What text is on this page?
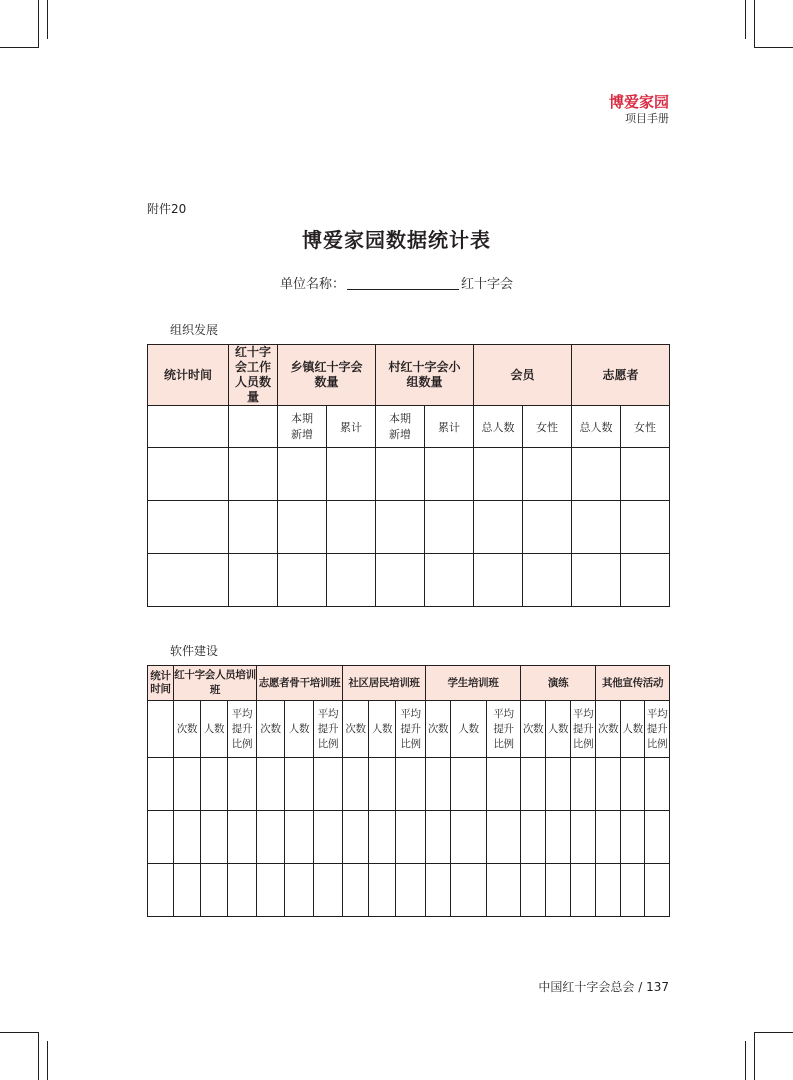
博爱家园
项目手册
附件20
博爱家园数据统计表
单位名称：	红十字会
组织发展
统计时间	红十字会工作人员数量	乡镇红十字会数量		村红十字会小组数量		会员		志愿者	
		本期新增	累计	本期新增	累计	总人数	女性	总人数	女性

软件建设
统计时间	红十字会人员培训班			志愿者骨干培训班			社区居民培训班			学生培训班			演练			其他宣传活动		
	次数	人数	平均提升比例	次数	人数	平均提升比例	次数	人数	平均提升比例	次数	人数	平均提升比例	次数	人数	平均提升比例	次数	人数	平均提升比例

中国红十字会总会 / 137
